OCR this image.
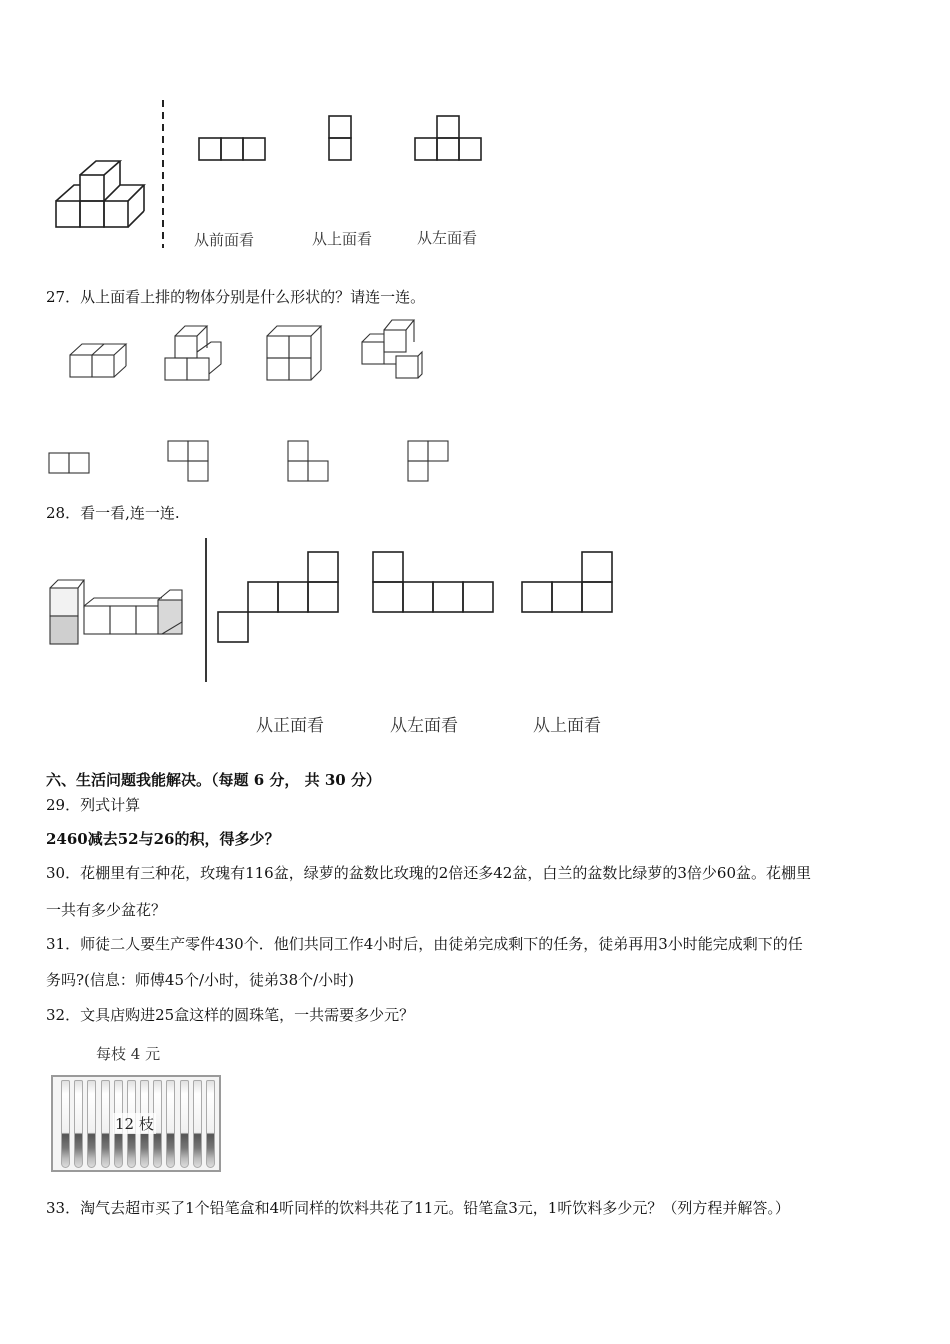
从前面看	从上面看	从左面看
27．从上面看上排的物体分别是什么形状的？请连一连。
28．看一看,连一连.
从正面看	从左面看	从上面看
六、生活问题我能解决。（每题 6 分， 共 30 分）
29．列式计算
2460减去52与26的积，得多少？
30．花棚里有三种花，玫瑰有116盆，绿萝的盆数比玫瑰的2倍还多42盆，白兰的盆数比绿萝的3倍少60盆。花棚里
一共有多少盆花？
31．师徒二人要生产零件430个．他们共同工作4小时后，由徒弟完成剩下的任务，徒弟再用3小时能完成剩下的任
务吗?(信息：师傅45个/小时，徒弟38个/小时)
32．文具店购进25盒这样的圆珠笔，一共需要多少元？
每枝 4 元
12 枝
33．淘气去超市买了1个铅笔盒和4听同样的饮料共花了11元。铅笔盒3元，1听饮料多少元？（列方程并解答。）
